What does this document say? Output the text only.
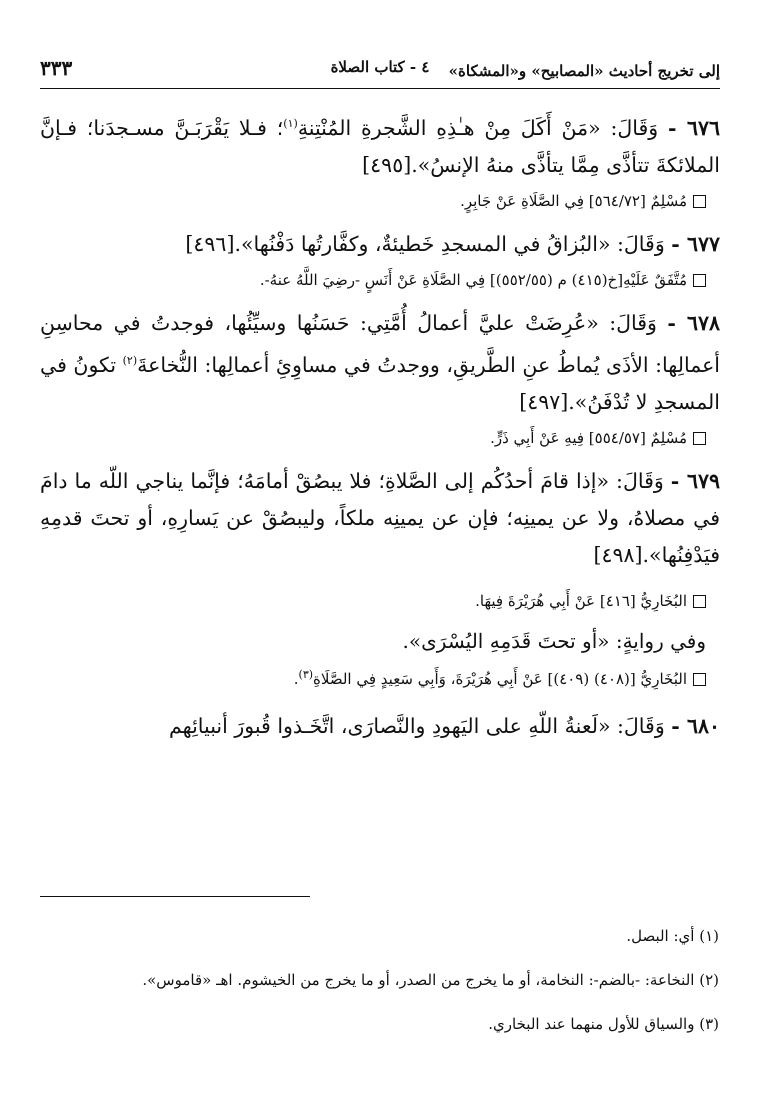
إلى تخريج أحاديث «المصابيح» و«المشكاة»
٤ - كتاب الصلاة
٣٣٣
٦٧٦ - وَقَالَ: «مَنْ أَكَلَ مِنْ هـٰذِهِ الشَّجرةِ المُنْتِنةِ$^{(١)}$؛ فـلا يَقْرَبَـنَّ مسـجدَنا؛ فـإنَّ الملائكةَ تتأذَّى مِمَّا يتأذَّى منهُ الإنسُ».[٤٩٥]
مُسْلِمٌ [٥٦٤/٧٢] فِي الصَّلَاةِ عَنْ جَابِرٍ.
٦٧٧ - وَقَالَ: «البُزاقُ في المسجدِ خَطيئةٌ، وكفَّارتُها دَفْنُها».[٤٩٦]
مُتَّفَقٌ عَلَيْهِ[خ(٤١٥) م (٥٥٢/٥٥)] فِي الصَّلَاةِ عَنْ أَنَسٍ -رضِيَ اللَّهُ عنهُ-.
٦٧٨ - وَقَالَ: «عُرِضَتْ عليَّ أعمالُ أُمَّتِي: حَسَنُها وسيِّئُها، فوجدتُ في محاسِنِ أعمالِها: الأذَى يُماطُ عنِ الطَّريقِ، ووجدتُ في مساوِئِ أعمالِها: النُّخاعةَ$^{(٢)}$ تكونُ في المسجدِ لا تُدْفَنُ».[٤٩٧]
مُسْلِمٌ [٥٥٤/٥٧] فِيهِ عَنْ أَبِي ذَرٍّ.
٦٧٩ - وَقَالَ: «إذا قامَ أحدُكُم إلى الصَّلاةِ؛ فلا يبصُقْ أمامَهُ؛ فإنَّما يناجي اللّه ما دامَ في مصلاهُ، ولا عن يمينِه؛ فإن عن يمينِه ملكاً، وليبصُقْ عن يَسارِهِ، أو تحتَ قدمِهِ فيَدْفِنُها».[٤٩٨]
البُخَارِيُّ [٤١٦] عَنْ أَبِي هُرَيْرَةَ فِيهَا.
وفي روايةٍ: «أو تحتَ قَدَمِهِ اليُسْرَى».
البُخَارِيُّ [(٤٠٨) (٤٠٩)] عَنْ أَبِي هُرَيْرَةَ، وَأَبِي سَعِيدٍ فِي الصَّلَاةِ$^{(٣)}$.
٦٨٠ - وَقَالَ: «لَعنةُ اللّهِ على اليَهودِ والنَّصارَى، اتَّخَـذوا قُبورَ أنبيائِهم
(١) أي: البصل.
(٢) النخاعة: -بالضم-: النخامة، أو ما يخرج من الصدر، أو ما يخرج من الخيشوم. اهـ «قاموس».
(٣) والسياق للأول منهما عند البخاري.
